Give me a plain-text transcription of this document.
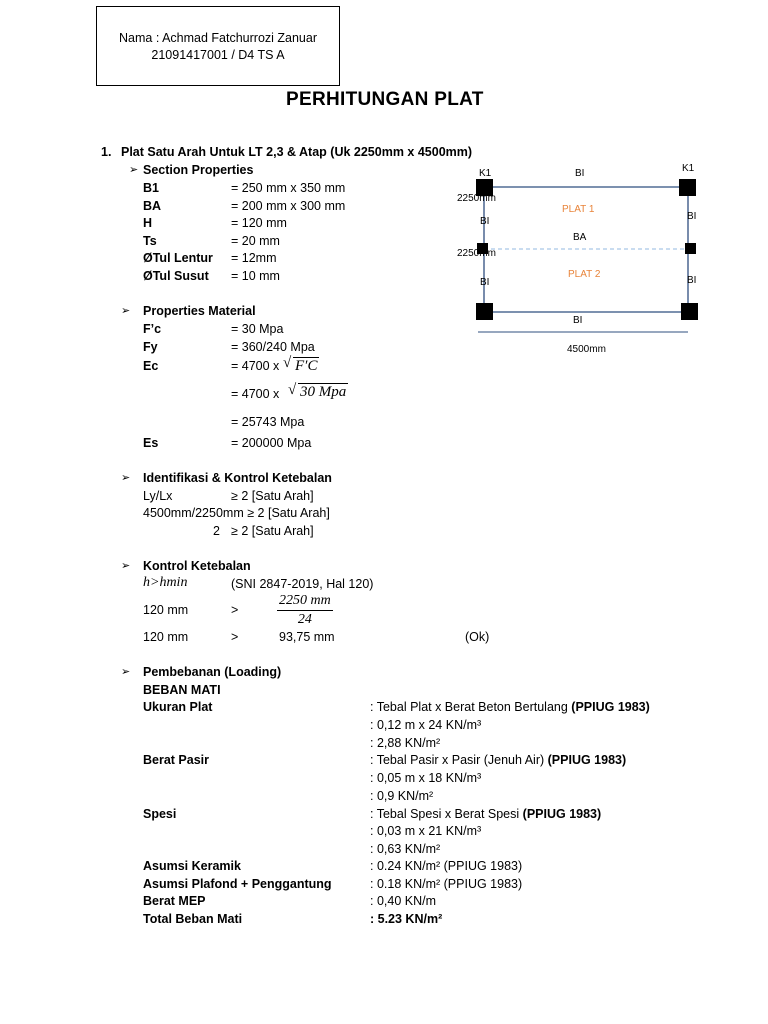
Nama : Achmad Fatchurrozi Zanuar
21091417001 / D4 TS A
PERHITUNGAN PLAT
1. Plat Satu Arah Untuk LT 2,3 & Atap (Uk 2250mm x 4500mm)
➢ Section Properties
B1	= 250 mm x 350 mm
BA	= 200 mm x 300 mm
H	= 120 mm
Ts	= 20 mm
ØTul Lentur = 12mm
ØTul Susut = 10 mm
➢ Properties Material
F’c	= 30 Mpa
Fy	= 360/240 Mpa
Ec	= 4700 x √ F′C
= 4700 x √ 30 Mpa
= 25743 Mpa
Es	= 200000 Mpa
➢ Identifikasi & Kontrol Ketebalan
Ly/Lx	≥ 2 [Satu Arah]
4500mm/2250mm ≥ 2 [Satu Arah]
2 ≥ 2 [Satu Arah]
➢ Kontrol Ketebalan
h>hmin	(SNI 2847-2019, Hal 120)
120 mm	>	$\frac{2250 mm}{24}$
120 mm	>	93,75 mm	(Ok)
➢ Pembebanan (Loading)
BEBAN MATI
Ukuran Plat	: Tebal Plat x Berat Beton Bertulang (PPIUG 1983)
: 0,12 m x 24 KN/m³
: 2,88 KN/m²
Berat Pasir	: Tebal Pasir x Pasir (Jenuh Air) (PPIUG 1983)
: 0,05 m x 18 KN/m³
: 0,9 KN/m²
Spesi	: Tebal Spesi x Berat Spesi (PPIUG 1983)
: 0,03 m x 21 KN/m³
: 0,63 KN/m²
Asumsi Keramik	: 0.24 KN/m² (PPIUG 1983)
Asumsi Plafond + Penggantung	: 0.18 KN/m² (PPIUG 1983)
Berat MEP	: 0,40 KN/m
Total Beban Mati	: 5.23 KN/m²
K1	K1
BI
2250mm
BI	BI
PLAT 1
BA
2250mm
PLAT 2
BI	BI
BI
4500mm
